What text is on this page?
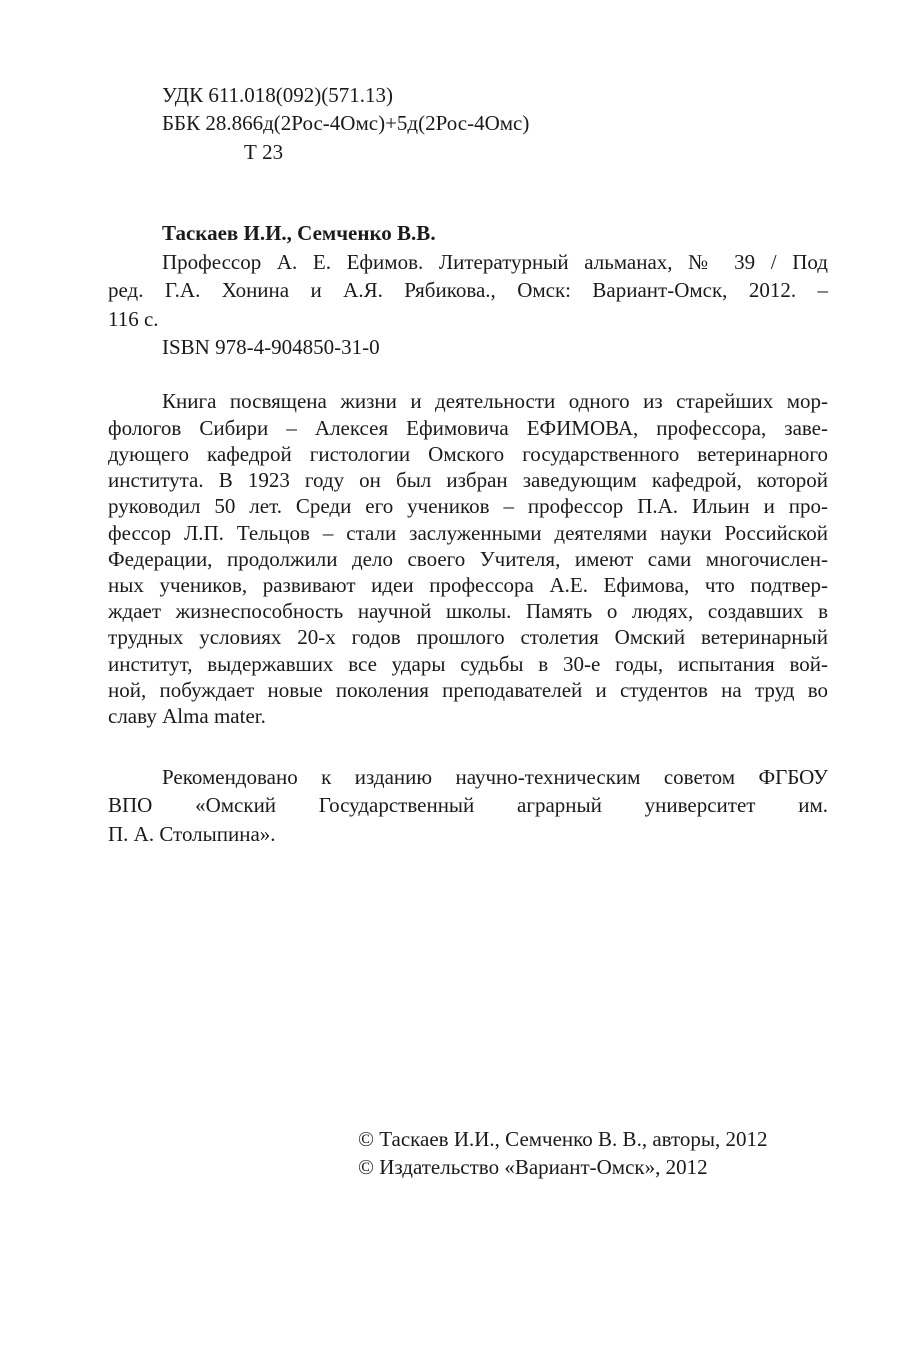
УДК 611.018(092)(571.13)
ББК 28.866д(2Рос-4Омс)+5д(2Рос-4Омс)
Т 23
Таскаев И.И., Семченко В.В.
Профессор А. Е. Ефимов. Литературный альманах, № 39 / Под
ред. Г.А. Хонина и А.Я. Рябикова., Омск: Вариант-Омск, 2012. –
116 с.
ISBN 978-4-904850-31-0
Книга посвящена жизни и деятельности одного из старейших мор-
фологов Сибири – Алексея Ефимовича ЕФИМОВА, профессора, заве-
дующего кафедрой гистологии Омского государственного ветеринарного
института. В 1923 году он был избран заведующим кафедрой, которой
руководил 50 лет. Среди его учеников – профессор П.А. Ильин и про-
фессор Л.П. Тельцов – стали заслуженными деятелями науки Российской
Федерации, продолжили дело своего Учителя, имеют сами многочислен-
ных учеников, развивают идеи профессора А.Е. Ефимова, что подтвер-
ждает жизнеспособность научной школы. Память о людях, создавших в
трудных условиях 20-х годов прошлого столетия Омский ветеринарный
институт, выдержавших все удары судьбы в 30-е годы, испытания вой-
ной, побуждает новые поколения преподавателей и студентов на труд во
славу Alma mater.
Рекомендовано к изданию научно-техническим советом ФГБОУ
ВПО «Омский Государственный аграрный университет им.
П. А. Столыпина».
© Таскаев И.И., Семченко В. В., авторы, 2012
© Издательство «Вариант-Омск», 2012
